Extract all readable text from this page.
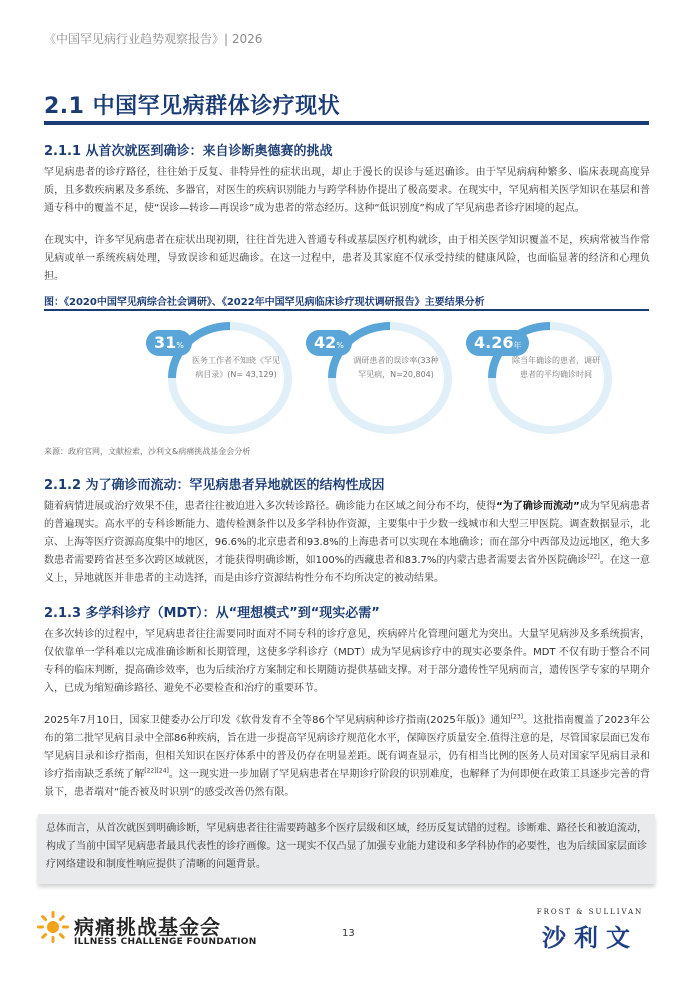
《中国罕见病行业趋势观察报告》| 2026
2.1 中国罕见病群体诊疗现状
2.1.1 从首次就医到确诊：来自诊断奥德赛的挑战
罕见病患者的诊疗路径，往往始于反复、非特异性的症状出现，却止于漫长的误诊与延迟确诊。由于罕见病病种繁多、临床表现高度异质，且多数疾病累及多系统、多器官，对医生的疾病识别能力与跨学科协作提出了极高要求。在现实中，罕见病相关医学知识在基层和普通专科中的覆盖不足，使“误诊—转诊—再误诊”成为患者的常态经历。这种“低识别度”构成了罕见病患者诊疗困境的起点。
在现实中，许多罕见病患者在症状出现初期，往往首先进入普通专科或基层医疗机构就诊，由于相关医学知识覆盖不足，疾病常被当作常见病或单一系统疾病处理，导致误诊和延迟确诊。在这一过程中，患者及其家庭不仅承受持续的健康风险，也面临显著的经济和心理负担。
图：《2020中国罕见病综合社会调研》、《2022年中国罕见病临床诊疗现状调研报告》主要结果分析
31%
医务工作者不知晓《罕见病目录》(N= 43,129)
42%
调研患者的误诊率(33种罕见病，N=20,804)
4.26年
除当年确诊的患者，调研患者的平均确诊时间
来源：政府官网，文献检索，沙利文&病痛挑战基金会分析
2.1.2 为了确诊而流动：罕见病患者异地就医的结构性成因
随着病情进展或治疗效果不佳，患者往往被迫进入多次转诊路径。确诊能力在区域之间分布不均，使得“为了确诊而流动”成为罕见病患者的普遍现实。高水平的专科诊断能力、遗传检测条件以及多学科协作资源，主要集中于少数一线城市和大型三甲医院。调查数据显示，北京、上海等医疗资源高度集中的地区，96.6%的北京患者和93.8%的上海患者可以实现在本地确诊；而在部分中西部及边远地区，绝大多数患者需要跨省甚至多次跨区域就医，才能获得明确诊断，如100%的西藏患者和83.7%的内蒙古患者需要去省外医院确诊[22]。在这一意义上，异地就医并非患者的主动选择，而是由诊疗资源结构性分布不均所决定的被动结果。
2.1.3 多学科诊疗（MDT）：从“理想模式”到“现实必需”
在多次转诊的过程中，罕见病患者往往需要同时面对不同专科的诊疗意见，疾病碎片化管理问题尤为突出。大量罕见病涉及多系统损害，仅依靠单一学科难以完成准确诊断和长期管理，这使多学科诊疗（MDT）成为罕见病诊疗中的现实必要条件。MDT 不仅有助于整合不同专科的临床判断，提高确诊效率，也为后续治疗方案制定和长期随访提供基础支撑。对于部分遗传性罕见病而言，遗传医学专家的早期介入，已成为缩短确诊路径、避免不必要检查和治疗的重要环节。
2025年7月10日，国家卫健委办公厅印发《软骨发育不全等86个罕见病病种诊疗指南(2025年版)》通知[23]。这批指南覆盖了2023年公布的第二批罕见病目录中全部86种疾病，旨在进一步提高罕见病诊疗规范化水平，保障医疗质量安全.值得注意的是，尽管国家层面已发布罕见病目录和诊疗指南，但相关知识在医疗体系中的普及仍存在明显差距。既有调查显示，仍有相当比例的医务人员对国家罕见病目录和诊疗指南缺乏系统了解[22][24]。这一现实进一步加剧了罕见病患者在早期诊疗阶段的识别难度，也解释了为何即便在政策工具逐步完善的背景下，患者端对“能否被及时识别”的感受改善仍然有限。
总体而言，从首次就医到明确诊断，罕见病患者往往需要跨越多个医疗层级和区域，经历反复试错的过程。诊断难、路径长和被迫流动，构成了当前中国罕见病患者最具代表性的诊疗画像。这一现实不仅凸显了加强专业能力建设和多学科协作的必要性，也为后续国家层面诊疗网络建设和制度性响应提供了清晰的问题背景。
病痛挑战基金会
ILLNESS CHALLENGE FOUNDATION
13
FROST & SULLIVAN
沙利文
